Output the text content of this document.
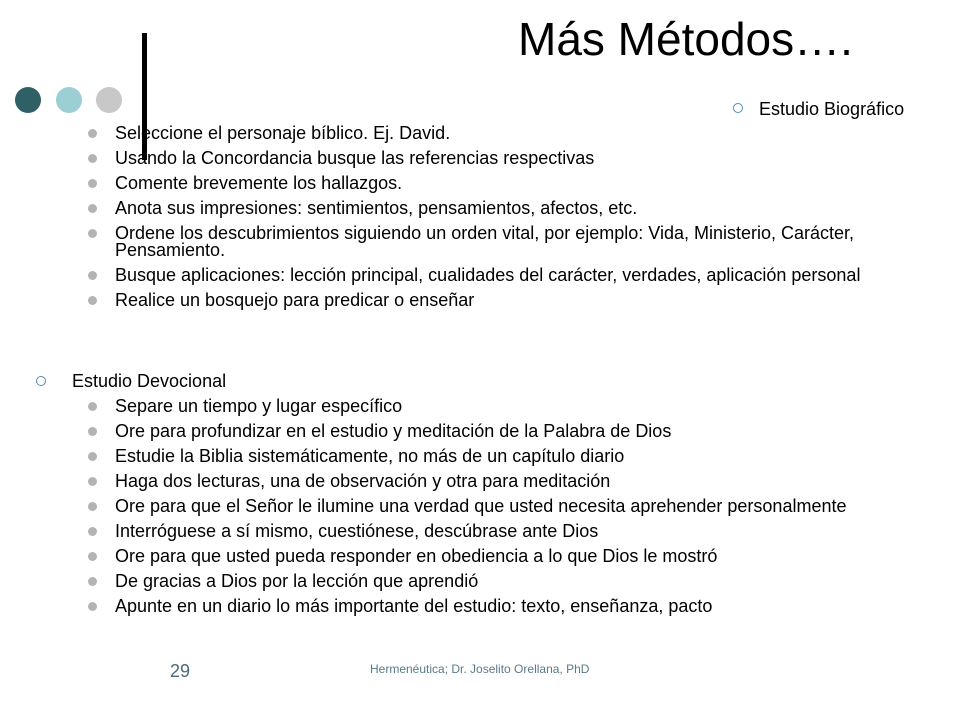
Más Métodos….
Estudio Biográfico
Seleccione el personaje bíblico. Ej. David.
Usando la Concordancia busque las referencias respectivas
Comente brevemente los hallazgos.
Anota sus impresiones: sentimientos, pensamientos, afectos, etc.
Ordene los descubrimientos siguiendo un orden vital, por ejemplo: Vida, Ministerio, Carácter, Pensamiento.
Busque aplicaciones: lección principal, cualidades del carácter, verdades, aplicación personal
Realice un bosquejo para predicar o enseñar
Estudio Devocional
Separe un tiempo y lugar específico
Ore para profundizar en el estudio y meditación de la Palabra de Dios
Estudie la Biblia sistemáticamente, no más de un capítulo diario
Haga dos lecturas, una de observación y otra para meditación
Ore para que el Señor le ilumine una verdad que usted necesita aprehender personalmente
Interróguese a sí mismo, cuestiónese, descúbrase ante Dios
Ore para que usted pueda responder en obediencia a lo que Dios le mostró
De gracias a Dios por la lección que aprendió
Apunte en un diario lo más importante del estudio: texto, enseñanza, pacto
29	Hermenéutica; Dr. Joselito Orellana, PhD
